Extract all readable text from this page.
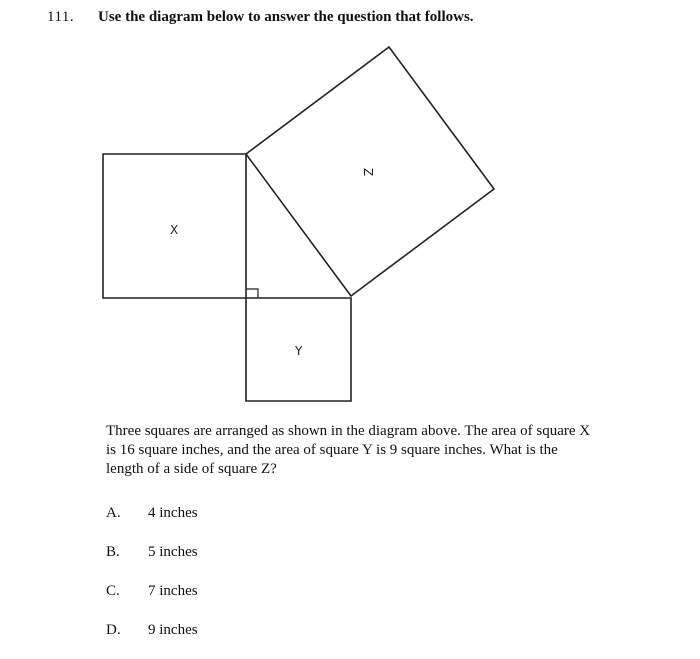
111. Use the diagram below to answer the question that follows.
X
Y
Z

Three squares are arranged as shown in the diagram above. The area of square X is 16 square inches, and the area of square Y is 9 square inches. What is the length of a side of square Z?

A. 4 inches
B. 5 inches
C. 7 inches
D. 9 inches
